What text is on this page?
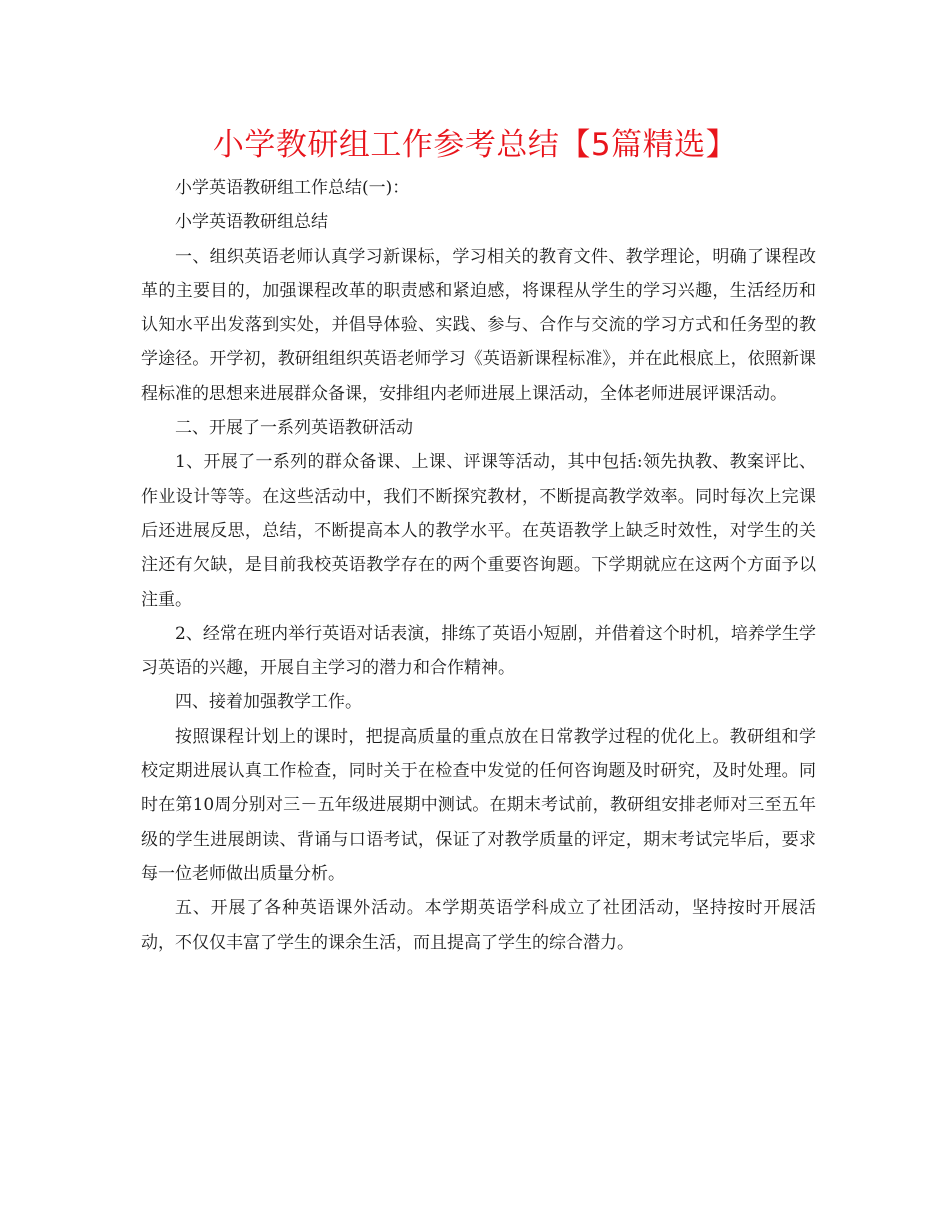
小学教研组工作参考总结【5篇精选】

小学英语教研组工作总结(一)：

小学英语教研组总结

一、组织英语老师认真学习新课标，学习相关的教育文件、教学理论，明确了课程改革的主要目的，加强课程改革的职责感和紧迫感，将课程从学生的学习兴趣，生活经历和认知水平出发落到实处，并倡导体验、实践、参与、合作与交流的学习方式和任务型的教学途径。开学初，教研组组织英语老师学习《英语新课程标准》，并在此根底上，依照新课程标准的思想来进展群众备课，安排组内老师进展上课活动，全体老师进展评课活动。

二、开展了一系列英语教研活动

1、开展了一系列的群众备课、上课、评课等活动，其中包括:领先执教、教案评比、作业设计等等。在这些活动中，我们不断探究教材，不断提高教学效率。同时每次上完课后还进展反思，总结，不断提高本人的教学水平。在英语教学上缺乏时效性，对学生的关注还有欠缺，是目前我校英语教学存在的两个重要咨询题。下学期就应在这两个方面予以注重。

2、经常在班内举行英语对话表演，排练了英语小短剧，并借着这个时机，培养学生学习英语的兴趣，开展自主学习的潜力和合作精神。

四、接着加强教学工作。

按照课程计划上的课时，把提高质量的重点放在日常教学过程的优化上。教研组和学校定期进展认真工作检查，同时关于在检查中发觉的任何咨询题及时研究，及时处理。同时在第10周分别对三－五年级进展期中测试。在期末考试前，教研组安排老师对三至五年级的学生进展朗读、背诵与口语考试，保证了对教学质量的评定，期末考试完毕后，要求每一位老师做出质量分析。

五、开展了各种英语课外活动。本学期英语学科成立了社团活动，坚持按时开展活动，不仅仅丰富了学生的课余生活，而且提高了学生的综合潜力。
